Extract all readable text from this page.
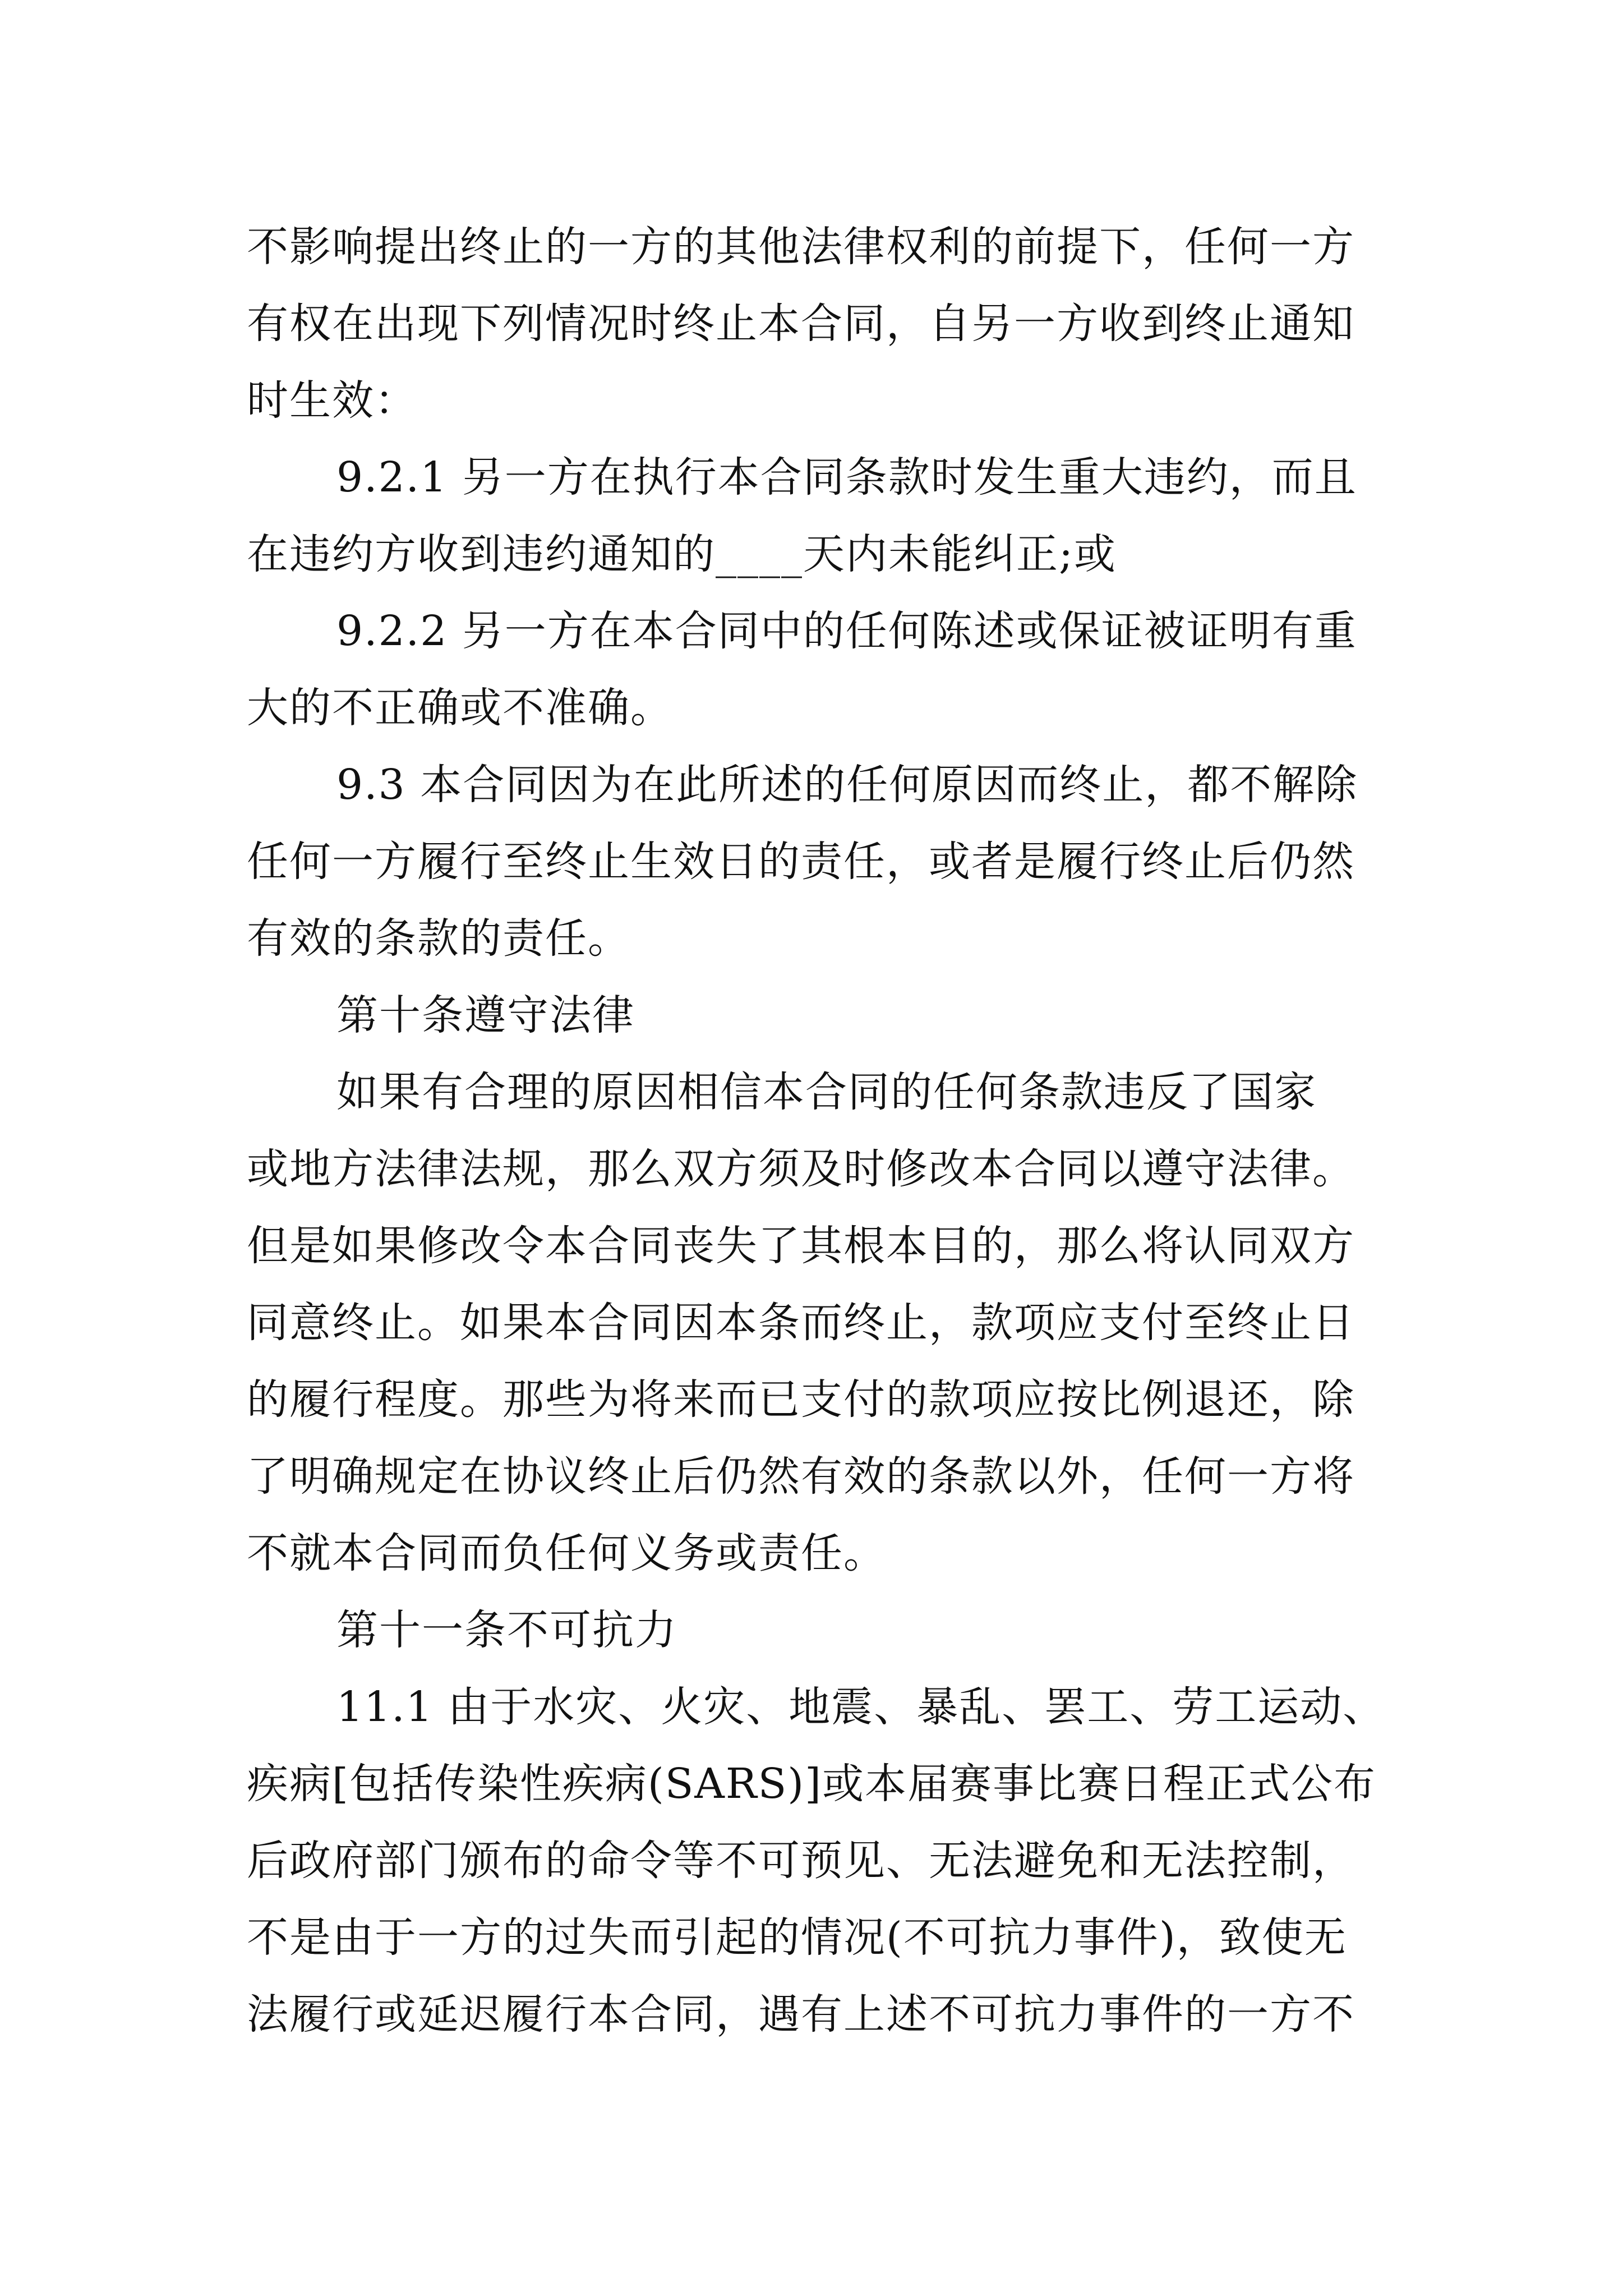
不影响提出终止的一方的其他法律权利的前提下，任何一方
有权在出现下列情况时终止本合同，自另一方收到终止通知
时生效：
9.2.1 另一方在执行本合同条款时发生重大违约，而且
在违约方收到违约通知的____天内未能纠正;或
9.2.2 另一方在本合同中的任何陈述或保证被证明有重
大的不正确或不准确。
9.3 本合同因为在此所述的任何原因而终止，都不解除
任何一方履行至终止生效日的责任，或者是履行终止后仍然
有效的条款的责任。
第十条遵守法律
如果有合理的原因相信本合同的任何条款违反了国家
或地方法律法规，那么双方须及时修改本合同以遵守法律。
但是如果修改令本合同丧失了其根本目的，那么将认同双方
同意终止。如果本合同因本条而终止，款项应支付至终止日
的履行程度。那些为将来而已支付的款项应按比例退还，除
了明确规定在协议终止后仍然有效的条款以外，任何一方将
不就本合同而负任何义务或责任。
第十一条不可抗力
11.1 由于水灾、火灾、地震、暴乱、罢工、劳工运动、
疾病[包括传染性疾病(SARS)]或本届赛事比赛日程正式公布
后政府部门颁布的命令等不可预见、无法避免和无法控制，
不是由于一方的过失而引起的情况(不可抗力事件)，致使无
法履行或延迟履行本合同，遇有上述不可抗力事件的一方不
